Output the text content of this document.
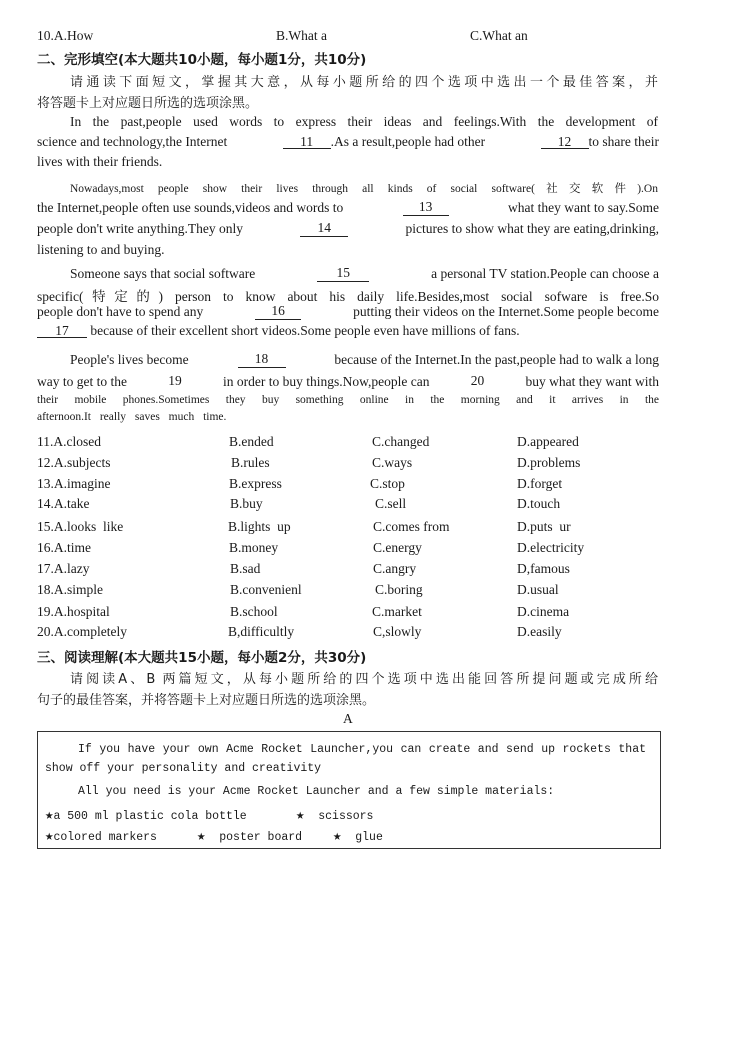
10.A.How	B.What a	C.What an
二、完形填空(本大题共10小题，每小题1分，共10分)
请通读下面短文，掌握其大意，从每小题所给的四个选项中选出一个最佳答案，并
将答题卡上对应题日所选的选项涂黑。
In the past,people used words to express their ideas and feelings.With the development of
science and technology,the Internet	11 .As a result,people had other	12 to share their
lives with their friends.
Nowadays,most people show their lives through all kinds of social software(社交软件).On
the Internet,people often use sounds,videos and words to	13	what they want to say.Some
people don't write anything.They only	14	pictures to show what they are eating,drinking,
listening to and buying.
Someone says that social software	15	a personal TV station.People can choose a
specific(特定的) person to know about his daily life.Besides,most social sofware is free.So
people don't have to spend any	16	putting their videos on the Internet.Some people become
17 because of their excellent short videos.Some people even have millions of fans.
People's lives become	18	because of the Internet.In the past,people had to walk a long
way to get to the	19	in order to buy things.Now,people can	20	buy what they want with
their mobile phones.Sometimes they buy something online in the morning and it arrives in the
afternoon.It really saves much time.
11.A.closed	B.ended	C.changed	D.appeared
12.A.subjects	B.rules	C.ways	D.problems
13.A.imagine	B.express	C.stop	D.forget
14.A.take	B.buy	C.sell	D.touch
15.A.looks  like	B.lights  up	C.comes from	D.puts  ur
16.A.time	B.money	C.energy	D.electricity
17.A.lazy	B.sad	C.angry	D,famous
18.A.simple	B.convenienl	C.boring	D.usual
19.A.hospital	B.school	C.market	D.cinema
20.A.completely	B,difficultly	C,slowly	D.easily
三、阅读理解(本大题共15小题，每小题2分，共30分)
请阅读A、B 两篇短文，从每小题所给的四个选项中选出能回答所提问题或完成所给
句子的最佳答案，并将答题卡上对应题日所选的选项涂黑。
A
If you have your own Acme Rocket Launcher,you can create and send up rockets that
show off your personality and creativity
All you need is your Acme Rocket Launcher and a few simple materials:
★a 500 ml plastic cola bottle	★ scissors
★colored markers	★ poster board ★ glue
